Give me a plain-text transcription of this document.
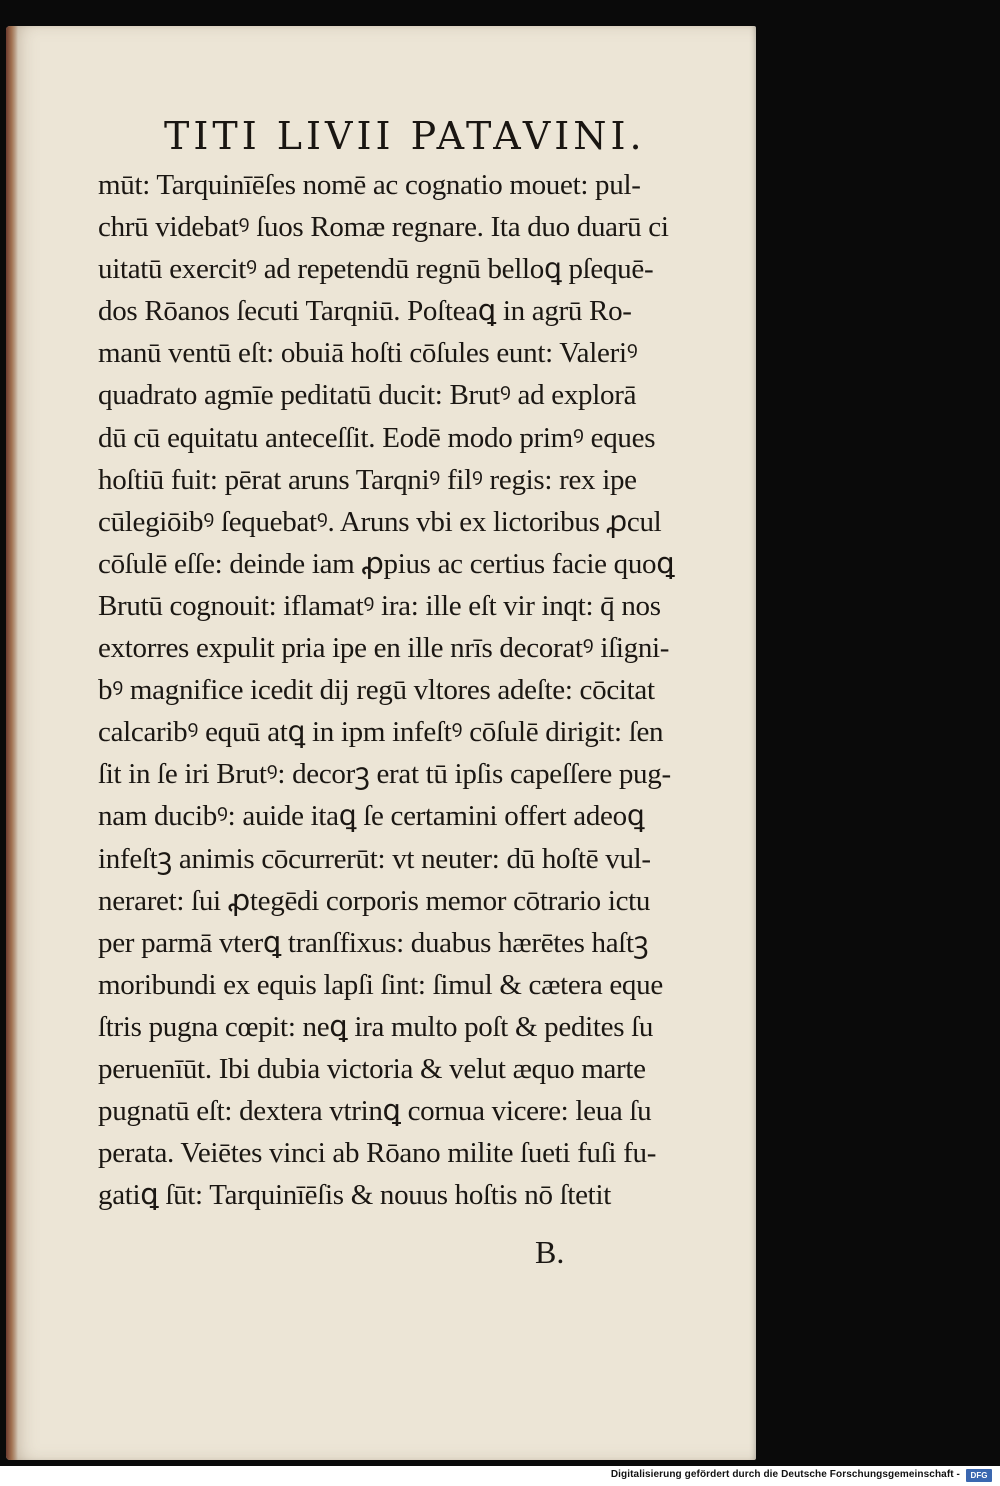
TITI LIVII PATAVINI.
mūt: Tarquinīēſes nomē ac cognatio mouet: pul-
chrū videbatꝰ ſuos Romæ regnare. Ita duo duarū ci
uitatū exercitꝰ ad repetendū regnū belloꝗ pſequē-
dos Rōanos ſecuti Tarqniū. Poſteaꝗ in agrū Ro-
manū ventū eſt: obuiā hoſti cōſules eunt: Valeriꝰ
quadrato agmīe peditatū ducit: Brutꝰ ad explorā
dū cū equitatu anteceſſit. Eodē modo primꝰ eques
hoſtiū fuit: pērat aruns Tarqniꝰ filꝰ regis: rex ipe
cūlegiōibꝰ ſequebatꝰ. Aruns vbi ex lictoribus ꝓcul
cōſulē eſſe: deinde iam ꝓpius ac certius facie quoꝗ
Brutū cognouit: iflamatꝰ ira: ille eſt vir inqt: q̄ nos
extorres expulit pria ipe en ille nrīs decoratꝰ iſigni-
bꝰ magnifice icedit dij regū vltores adeſte: cōcitat
calcaribꝰ equū atꝗ in ipm infeſtꝰ cōſulē dirigit: ſen
ſit in ſe iri Brutꝰ: decorꝫ erat tū ipſis capeſſere pug-
nam ducibꝰ: auide itaꝗ ſe certamini offert adeoꝗ
infeſtꝫ animis cōcurrerūt: vt neuter: dū hoſtē vul-
neraret: ſui ꝓtegēdi corporis memor cōtrario ictu
per parmā vterꝗ tranſfixus: duabus hærētes haſtꝫ
moribundi ex equis lapſi ſint: ſimul & cætera eque
ſtris pugna cœpit: neꝗ ira multo poſt & pedites ſu
peruenīūt. Ibi dubia victoria & velut æquo marte
pugnatū eſt: dextera vtrinꝗ cornua vicere: leua ſu
perata. Veiētes vinci ab Rōano milite ſueti fuſi fu-
gatiꝗ ſūt: Tarquinīēſis & nouus hoſtis nō ſtetit
B.
Digitalisierung gefördert durch die Deutsche Forschungsgemeinschaft -	DFG
